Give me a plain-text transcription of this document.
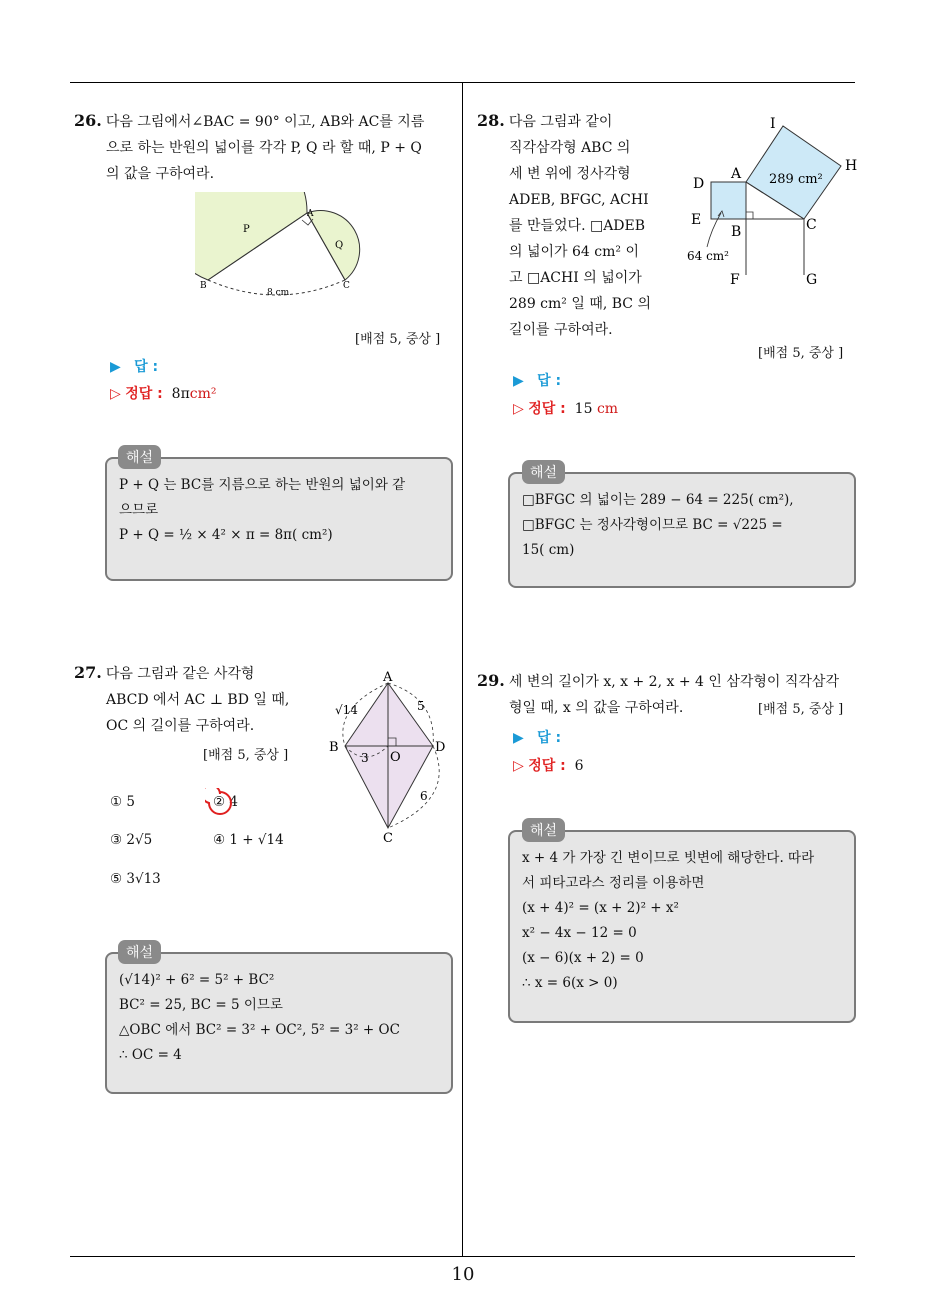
10
26. 다음 그림에서∠BAC = 90° 이고, AB와 AC를 지름
으로 하는 반원의 넓이를 각각 P, Q 라 할 때, P + Q
의 값을 구하여라.
P
Q
A
B	C
8 cm
[배점 5, 중상 ]
▶ 답 :
▷ 정답 : 8πcm²
P + Q 는 BC를 지름으로 하는 반원의 넓이와 같
으므로
P + Q = ½ × 4² × π = 8π( cm²)
해설
27. 다음 그림과 같은 사각형
ABCD 에서 AC ⊥ BD 일 때,
OC 의 길이를 구하여라.
[배점 5, 중상 ]
A
B
C
D
O
√14	5
3
6
① 5	② 4
③ 2√5	④ 1 + √14
⑤ 3√13
(√14)² + 6² = 5² + BC²
BC² = 25, BC = 5 이므로
△OBC 에서 BC² = 3² + OC², 5² = 3² + OC
∴ OC = 4
해설
28. 다음 그림과 같이
직각삼각형 ABC 의
세 변 위에 정사각형
ADEB, BFGC, ACHI
를 만들었다. □ADEB
의 넓이가 64 cm² 이
고 □ACHI 의 넓이가
289 cm² 일 때, BC 의
길이를 구하여라.
I
H
A
D
E
B	C
F	G
289 cm²
64 cm²
[배점 5, 중상 ]
▶ 답 :
▷ 정답 : 15 cm
□BFGC 의 넓이는 289 − 64 = 225( cm²),
□BFGC 는 정사각형이므로 BC = √225 =
15( cm)
해설
29. 세 변의 길이가 x, x + 2, x + 4 인 삼각형이 직각삼각
형일 때, x 의 값을 구하여라.	[배점 5, 중상 ]
▶ 답 :
▷ 정답 : 6
x + 4 가 가장 긴 변이므로 빗변에 해당한다. 따라
서 피타고라스 정리를 이용하면
(x + 4)² = (x + 2)² + x²
x² − 4x − 12 = 0
(x − 6)(x + 2) = 0
∴ x = 6(x > 0)
해설
